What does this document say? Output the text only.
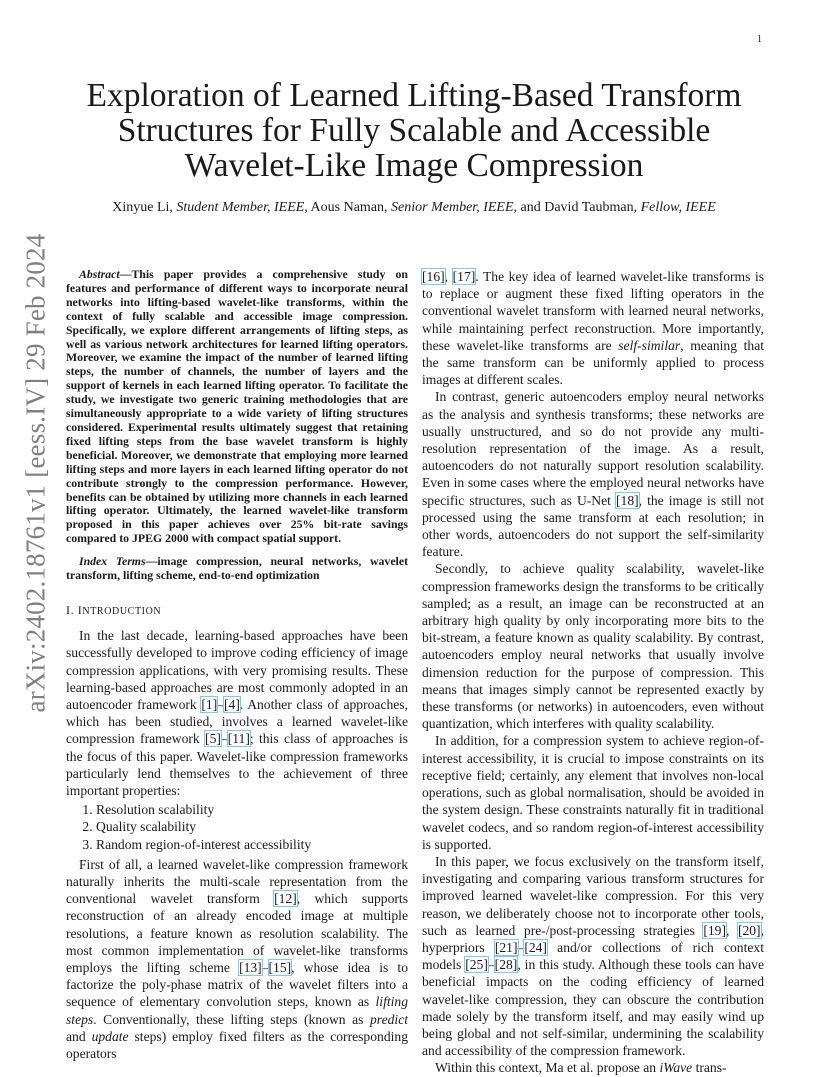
1
arXiv:2402.18761v1 [eess.IV] 29 Feb 2024
Exploration of Learned Lifting-Based Transform
Structures for Fully Scalable and Accessible
Wavelet-Like Image Compression
Xinyue Li, Student Member, IEEE, Aous Naman, Senior Member, IEEE, and David Taubman, Fellow, IEEE

Abstract—This paper provides a comprehensive study on features and performance of different ways to incorporate neural networks into lifting-based wavelet-like transforms, within the context of fully scalable and accessible image compression. Specifically, we explore different arrangements of lifting steps, as well as various network architectures for learned lifting operators. Moreover, we examine the impact of the number of learned lifting steps, the number of channels, the number of layers and the support of kernels in each learned lifting operator. To facilitate the study, we investigate two generic training methodologies that are simultaneously appropriate to a wide variety of lifting structures considered. Experimental results ultimately suggest that retaining fixed lifting steps from the base wavelet transform is highly beneficial. Moreover, we demonstrate that employing more learned lifting steps and more layers in each learned lifting operator do not contribute strongly to the compression performance. However, benefits can be obtained by utilizing more channels in each learned lifting operator. Ultimately, the learned wavelet-like transform proposed in this paper achieves over 25% bit-rate savings compared to JPEG 2000 with compact spatial support.

Index Terms—image compression, neural networks, wavelet transform, lifting scheme, end-to-end optimization

I. INTRODUCTION

In the last decade, learning-based approaches have been successfully developed to improve coding efficiency of image compression applications, with very promising results. These learning-based approaches are most commonly adopted in an autoencoder framework [1]–[4]. Another class of approaches, which has been studied, involves a learned wavelet-like compression framework [5]–[11]; this class of approaches is the focus of this paper. Wavelet-like compression frameworks particularly lend themselves to the achievement of three important properties:

1. Resolution scalability
2. Quality scalability
3. Random region-of-interest accessibility

First of all, a learned wavelet-like compression framework naturally inherits the multi-scale representation from the conventional wavelet transform [12], which supports reconstruction of an already encoded image at multiple resolutions, a feature known as resolution scalability. The most common implementation of wavelet-like transforms employs the lifting scheme [13]–[15], whose idea is to factorize the poly-phase matrix of the wavelet filters into a sequence of elementary convolution steps, known as lifting steps. Conventionally, these lifting steps (known as predict and update steps) employ fixed filters as the corresponding operators

[16], [17]. The key idea of learned wavelet-like transforms is to replace or augment these fixed lifting operators in the conventional wavelet transform with learned neural networks, while maintaining perfect reconstruction. More importantly, these wavelet-like transforms are self-similar, meaning that the same transform can be uniformly applied to process images at different scales.

In contrast, generic autoencoders employ neural networks as the analysis and synthesis transforms; these networks are usually unstructured, and so do not provide any multi-resolution representation of the image. As a result, autoencoders do not naturally support resolution scalability. Even in some cases where the employed neural networks have specific structures, such as U-Net [18], the image is still not processed using the same transform at each resolution; in other words, autoencoders do not support the self-similarity feature.

Secondly, to achieve quality scalability, wavelet-like compression frameworks design the transforms to be critically sampled; as a result, an image can be reconstructed at an arbitrary high quality by only incorporating more bits to the bit-stream, a feature known as quality scalability. By contrast, autoencoders employ neural networks that usually involve dimension reduction for the purpose of compression. This means that images simply cannot be represented exactly by these transforms (or networks) in autoencoders, even without quantization, which interferes with quality scalability.

In addition, for a compression system to achieve region-of-interest accessibility, it is crucial to impose constraints on its receptive field; certainly, any element that involves non-local operations, such as global normalisation, should be avoided in the system design. These constraints naturally fit in traditional wavelet codecs, and so random region-of-interest accessibility is supported.

In this paper, we focus exclusively on the transform itself, investigating and comparing various transform structures for improved learned wavelet-like compression. For this very reason, we deliberately choose not to incorporate other tools, such as learned pre-/post-processing strategies [19], [20], hyperpriors [21]–[24] and/or collections of rich context models [25]–[28], in this study. Although these tools can have beneficial impacts on the coding efficiency of learned wavelet-like compression, they can obscure the contribution made solely by the transform itself, and may easily wind up being global and not self-similar, undermining the scalability and accessibility of the compression framework.

Within this context, Ma et al. propose an iWave trans-
